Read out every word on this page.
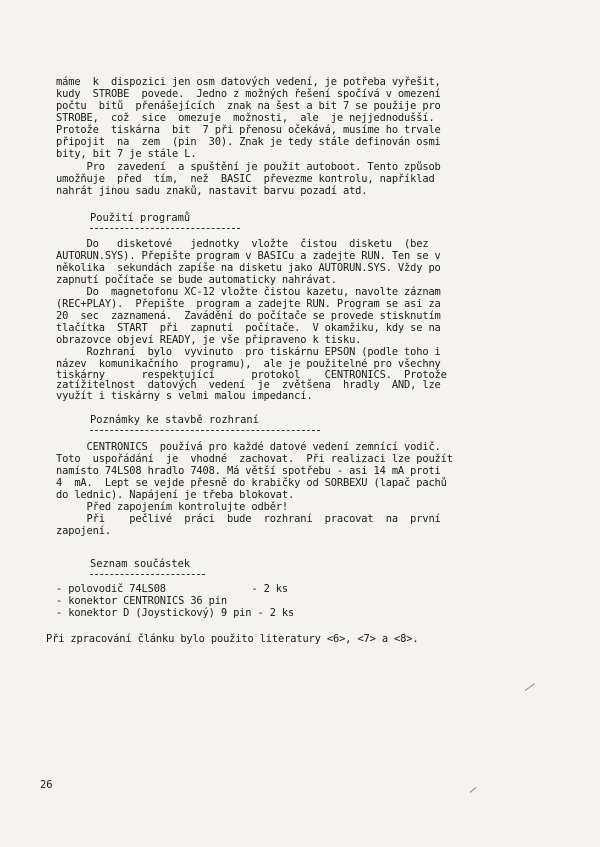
máme  k  dispozici jen osm datových vedení, je potřeba vyřešit,
kudy  STROBE  povede.  Jedno z možných řešení spočívá v omezení
počtu  bitů  přenášejících  znak na šest a bit 7 se použije pro
STROBE,  což  sice  omezuje  možnosti,  ale  je nejjednodušší.
Protože  tiskárna  bit  7 při přenosu očekává, musíme ho trvale
připojit  na  zem  (pin  30). Znak je tedy stále definován osmi
bity, bit 7 je stále L.
Pro  zavedení  a spuštění je použit autoboot. Tento způsob
umožňuje  před  tím,  než  BASIC  převezme kontrolu, například
nahrát jinou sadu znaků, nastavit barvu pozadí atd.
Použití programů
Do   disketové   jednotky  vložte  čistou  disketu  (bez
AUTORUN.SYS). Přepište program v BASICu a zadejte RUN. Ten se v
několika  sekundách zapíše na disketu jako AUTORUN.SYS. Vždy po
zapnutí počítače se bude automaticky nahrávat.
Do  magnetofonu XC-12 vložte čistou kazetu, navolte záznam
(REC+PLAY).  Přepište  program a zadejte RUN. Program se asi za
20  sec  zaznamená.  Zavádění do počítače se provede stisknutím
tlačítka  START  při  zapnutí  počítače.  V okamžiku, kdy se na
obrazovce objeví READY, je vše připraveno k tisku.
Rozhraní  bylo  vyvinuto  pro tiskárnu EPSON (podle toho i
název  komunikačního  programu),  ale je použitelné pro všechny
tiskárny      respektující      protokol    CENTRONICS.  Protože
zatížitelnost  datových  vedení  je  zvětšena  hradly  AND, lze
využít i tiskárny s velmi malou impedancí.
Poznámky ke stavbě rozhraní
CENTRONICS  používá pro každé datové vedení zemnící vodič.
Toto  uspořádání  je  vhodné  zachovat.  Při realizaci lze použít
namísto 74LS08 hradlo 7408. Má větší spotřebu - asi 14 mA proti
4  mA.  Lept se vejde přesně do krabičky od SORBEXU (lapač pachů
do lednic). Napájení je třeba blokovat.
Před zapojením kontrolujte odběr!
Při    pečlivé  práci  bude  rozhraní  pracovat  na  první
zapojení.
Seznam součástek
- polovodič 74LS08              - 2 ks
- konektor CENTRONICS 36 pin
- konektor D (Joystickový) 9 pin - 2 ks
Při zpracování článku bylo použito literatury <6>, <7> a <8>.
26
